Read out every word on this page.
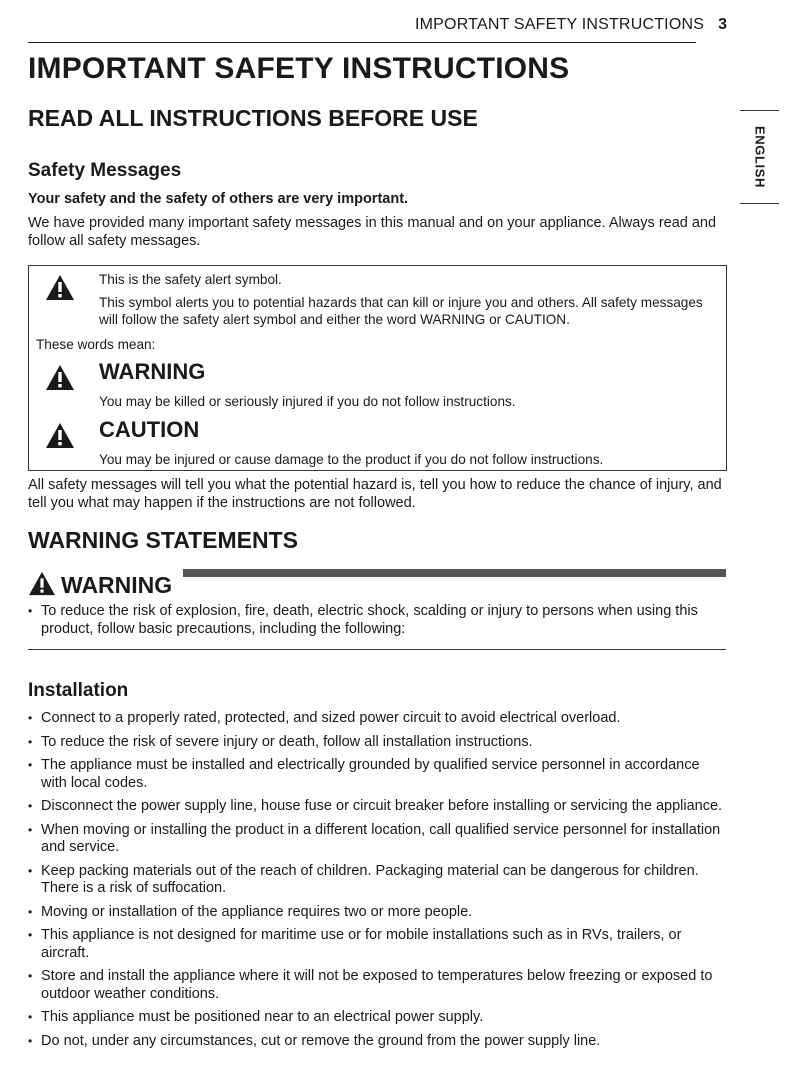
IMPORTANT SAFETY INSTRUCTIONS 3
ENGLISH
IMPORTANT SAFETY INSTRUCTIONS
READ ALL INSTRUCTIONS BEFORE USE
Safety Messages
Your safety and the safety of others are very important.
We have provided many important safety messages in this manual and on your appliance. Always read and follow all safety messages.
This is the safety alert symbol.
This symbol alerts you to potential hazards that can kill or injure you and others. All safety messages will follow the safety alert symbol and either the word WARNING or CAUTION.
These words mean:
WARNING
You may be killed or seriously injured if you do not follow instructions.
CAUTION
You may be injured or cause damage to the product if you do not follow instructions.
All safety messages will tell you what the potential hazard is, tell you how to reduce the chance of injury, and tell you what may happen if the instructions are not followed.
WARNING STATEMENTS
WARNING
• To reduce the risk of explosion, fire, death, electric shock, scalding or injury to persons when using this product, follow basic precautions, including the following:
Installation
• Connect to a properly rated, protected, and sized power circuit to avoid electrical overload.
• To reduce the risk of severe injury or death, follow all installation instructions.
• The appliance must be installed and electrically grounded by qualified service personnel in accordance with local codes.
• Disconnect the power supply line, house fuse or circuit breaker before installing or servicing the appliance.
• When moving or installing the product in a different location, call qualified service personnel for installation and service.
• Keep packing materials out of the reach of children. Packaging material can be dangerous for children. There is a risk of suffocation.
• Moving or installation of the appliance requires two or more people.
• This appliance is not designed for maritime use or for mobile installations such as in RVs, trailers, or aircraft.
• Store and install the appliance where it will not be exposed to temperatures below freezing or exposed to outdoor weather conditions.
• This appliance must be positioned near to an electrical power supply.
• Do not, under any circumstances, cut or remove the ground from the power supply line.
